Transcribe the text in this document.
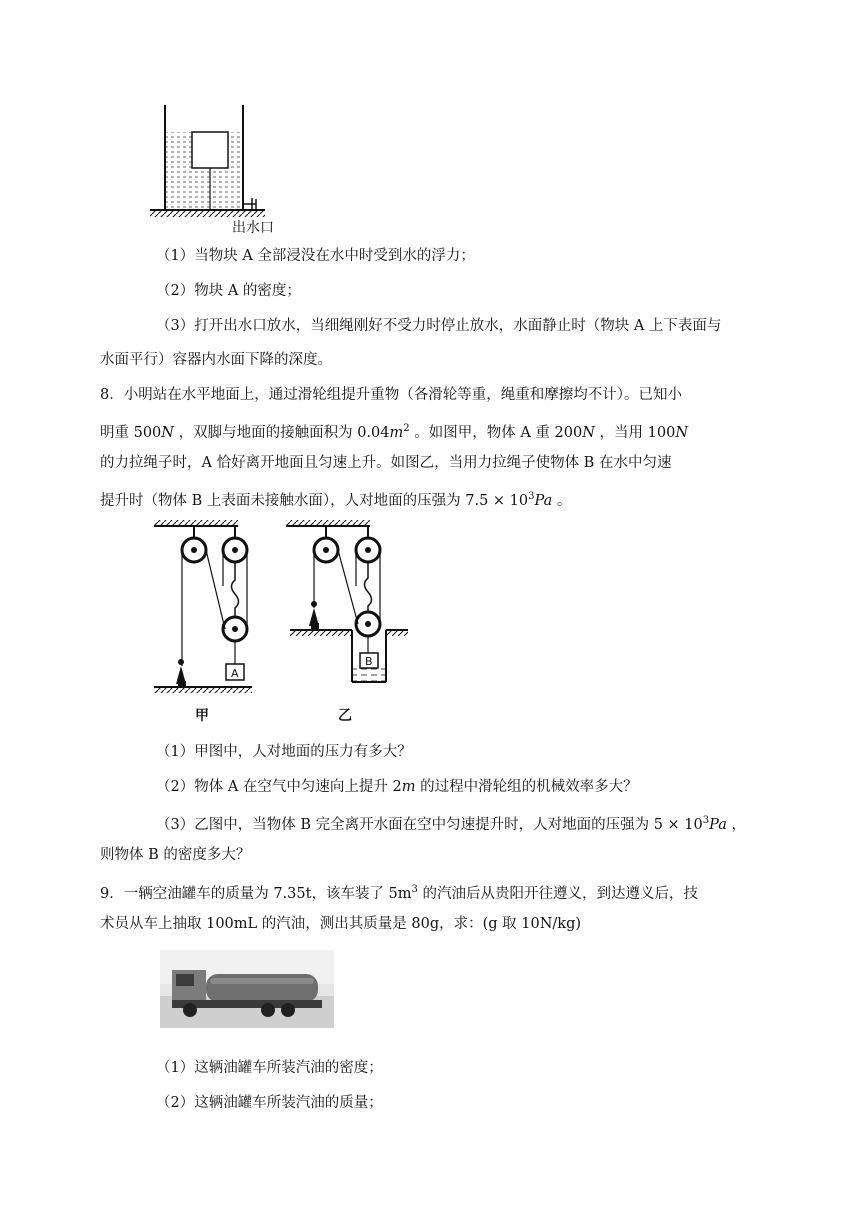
出水口
（1）当物块 A 全部浸没在水中时受到水的浮力；
（2）物块 A 的密度；
（3）打开出水口放水，当细绳刚好不受力时停止放水，水面静止时（物块 A 上下表面与
水面平行）容器内水面下降的深度。
8．小明站在水平地面上，通过滑轮组提升重物（各滑轮等重，绳重和摩擦均不计）。已知小
明重 500N ，双脚与地面的接触面积为 $0.04m^2$ 。如图甲，物体 A 重 200N ，当用 100N
的力拉绳子时，A 恰好离开地面且匀速上升。如图乙，当用力拉绳子使物体 B 在水中匀速
提升时（物体 B 上表面未接触水面），人对地面的压强为 $7.5 \times 10^3Pa$ 。
A
甲
B
乙
（1）甲图中，人对地面的压力有多大？
（2）物体 A 在空气中匀速向上提升 2m 的过程中滑轮组的机械效率多大？
（3）乙图中，当物体 B 完全离开水面在空中匀速提升时，人对地面的压强为 $5 \times 10^3Pa$ ，
则物体 B 的密度多大？
9．一辆空油罐车的质量为 7.35t，该车装了 $5m^3$ 的汽油后从贵阳开往遵义，到达遵义后，技
术员从车上抽取 100mL 的汽油，测出其质量是 80g，求：(g 取 10N/kg)
（1）这辆油罐车所装汽油的密度；
（2）这辆油罐车所装汽油的质量；
